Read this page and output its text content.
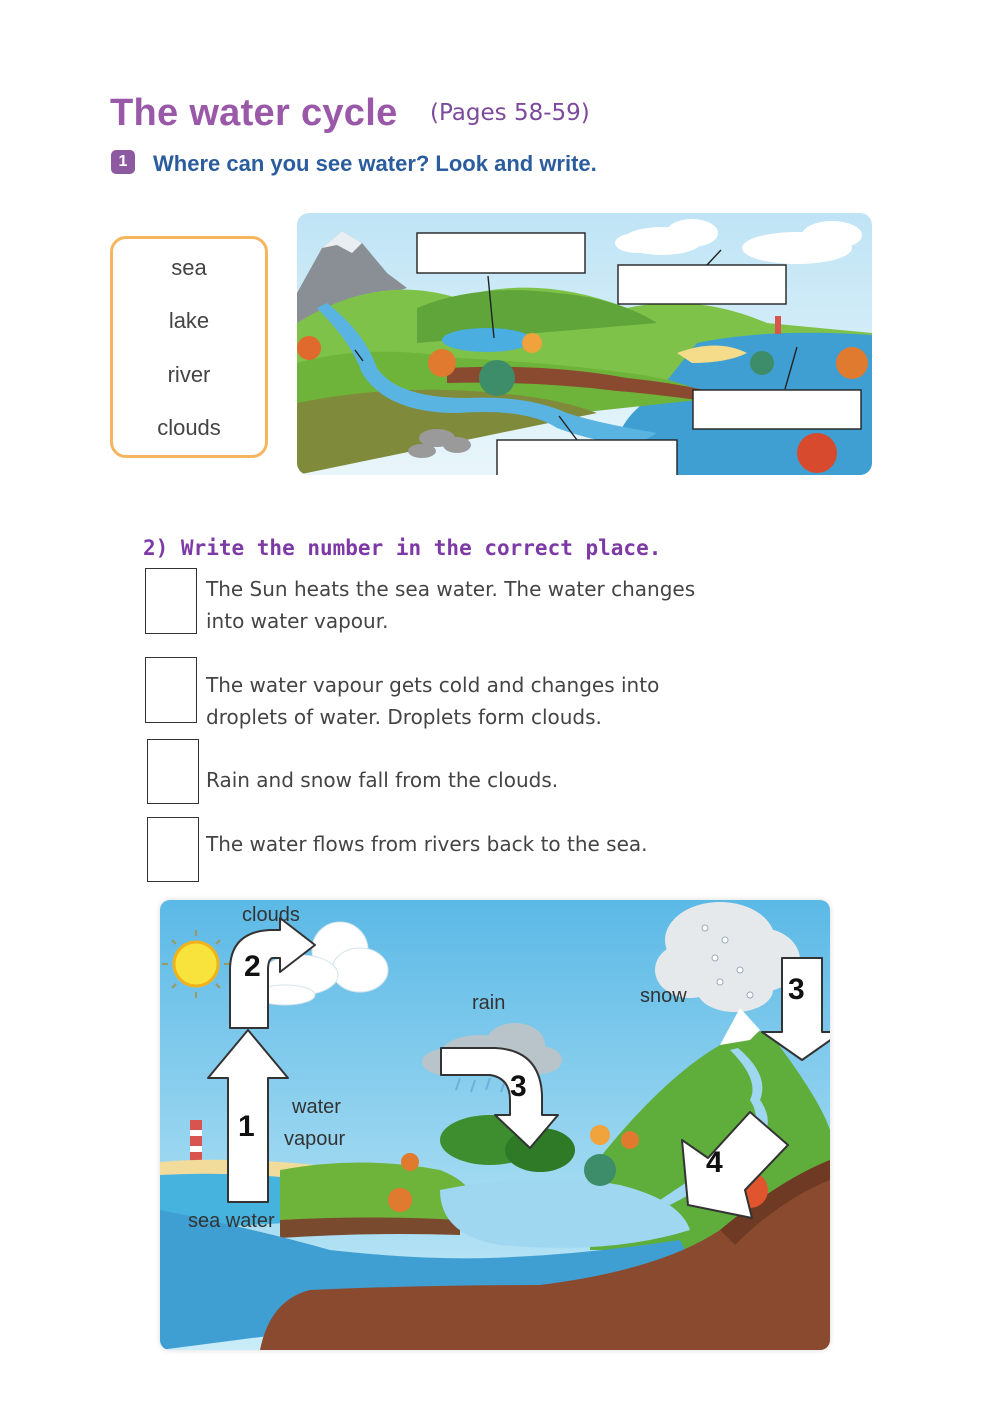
The water cycle (Pages 58-59)
1	Where can you see water? Look and write.
sea
lake
river
clouds
2) Write the number in the correct place.
The Sun heats the sea water. The water changes
into water vapour.
The water vapour gets cold and changes into
droplets of water. Droplets form clouds.
Rain and snow fall from the clouds.
The water flows from rivers back to the sea.
clouds
rain	snow
water
vapour
sea water
1
2
3
3
4
